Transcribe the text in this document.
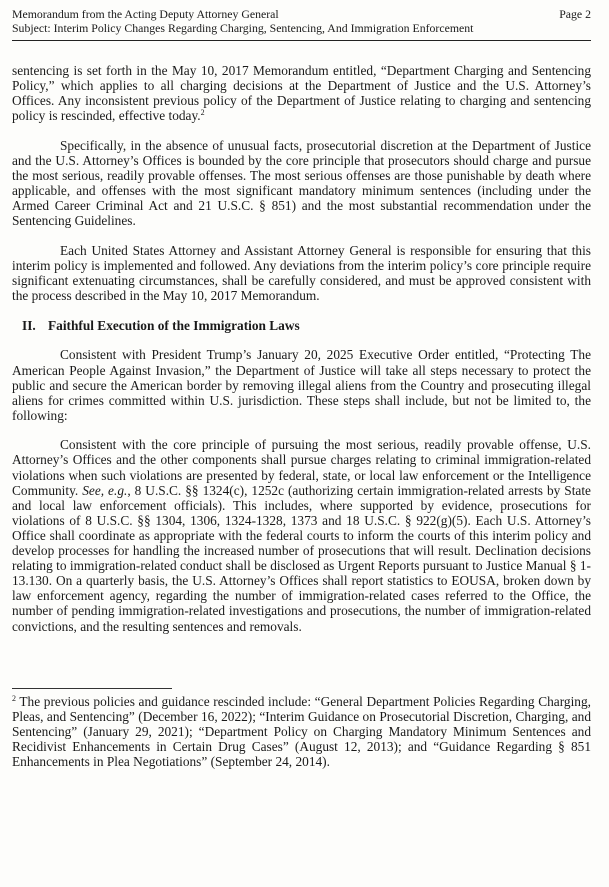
Memorandum from the Acting Deputy Attorney General
Subject: Interim Policy Changes Regarding Charging, Sentencing, And Immigration Enforcement
Page 2

sentencing is set forth in the May 10, 2017 Memorandum entitled, “Department Charging and Sentencing Policy,” which applies to all charging decisions at the Department of Justice and the U.S. Attorney’s Offices. Any inconsistent previous policy of the Department of Justice relating to charging and sentencing policy is rescinded, effective today.$^2$

Specifically, in the absence of unusual facts, prosecutorial discretion at the Department of Justice and the U.S. Attorney’s Offices is bounded by the core principle that prosecutors should charge and pursue the most serious, readily provable offenses. The most serious offenses are those punishable by death where applicable, and offenses with the most significant mandatory minimum sentences (including under the Armed Career Criminal Act and 21 U.S.C. § 851) and the most substantial recommendation under the Sentencing Guidelines.

Each United States Attorney and Assistant Attorney General is responsible for ensuring that this interim policy is implemented and followed. Any deviations from the interim policy’s core principle require significant extenuating circumstances, shall be carefully considered, and must be approved consistent with the process described in the May 10, 2017 Memorandum.

II. Faithful Execution of the Immigration Laws

Consistent with President Trump’s January 20, 2025 Executive Order entitled, “Protecting The American People Against Invasion,” the Department of Justice will take all steps necessary to protect the public and secure the American border by removing illegal aliens from the Country and prosecuting illegal aliens for crimes committed within U.S. jurisdiction. These steps shall include, but not be limited to, the following:

Consistent with the core principle of pursuing the most serious, readily provable offense, U.S. Attorney’s Offices and the other components shall pursue charges relating to criminal immigration-related violations when such violations are presented by federal, state, or local law enforcement or the Intelligence Community. See, e.g., 8 U.S.C. §§ 1324(c), 1252c (authorizing certain immigration-related arrests by State and local law enforcement officials). This includes, where supported by evidence, prosecutions for violations of 8 U.S.C. §§ 1304, 1306, 1324-1328, 1373 and 18 U.S.C. § 922(g)(5). Each U.S. Attorney’s Office shall coordinate as appropriate with the federal courts to inform the courts of this interim policy and develop processes for handling the increased number of prosecutions that will result. Declination decisions relating to immigration-related conduct shall be disclosed as Urgent Reports pursuant to Justice Manual § 1-13.130. On a quarterly basis, the U.S. Attorney’s Offices shall report statistics to EOUSA, broken down by law enforcement agency, regarding the number of immigration-related cases referred to the Office, the number of pending immigration-related investigations and prosecutions, the number of immigration-related convictions, and the resulting sentences and removals.

$^2$ The previous policies and guidance rescinded include: “General Department Policies Regarding Charging, Pleas, and Sentencing” (December 16, 2022); “Interim Guidance on Prosecutorial Discretion, Charging, and Sentencing” (January 29, 2021); “Department Policy on Charging Mandatory Minimum Sentences and Recidivist Enhancements in Certain Drug Cases” (August 12, 2013); and “Guidance Regarding § 851 Enhancements in Plea Negotiations” (September 24, 2014).
